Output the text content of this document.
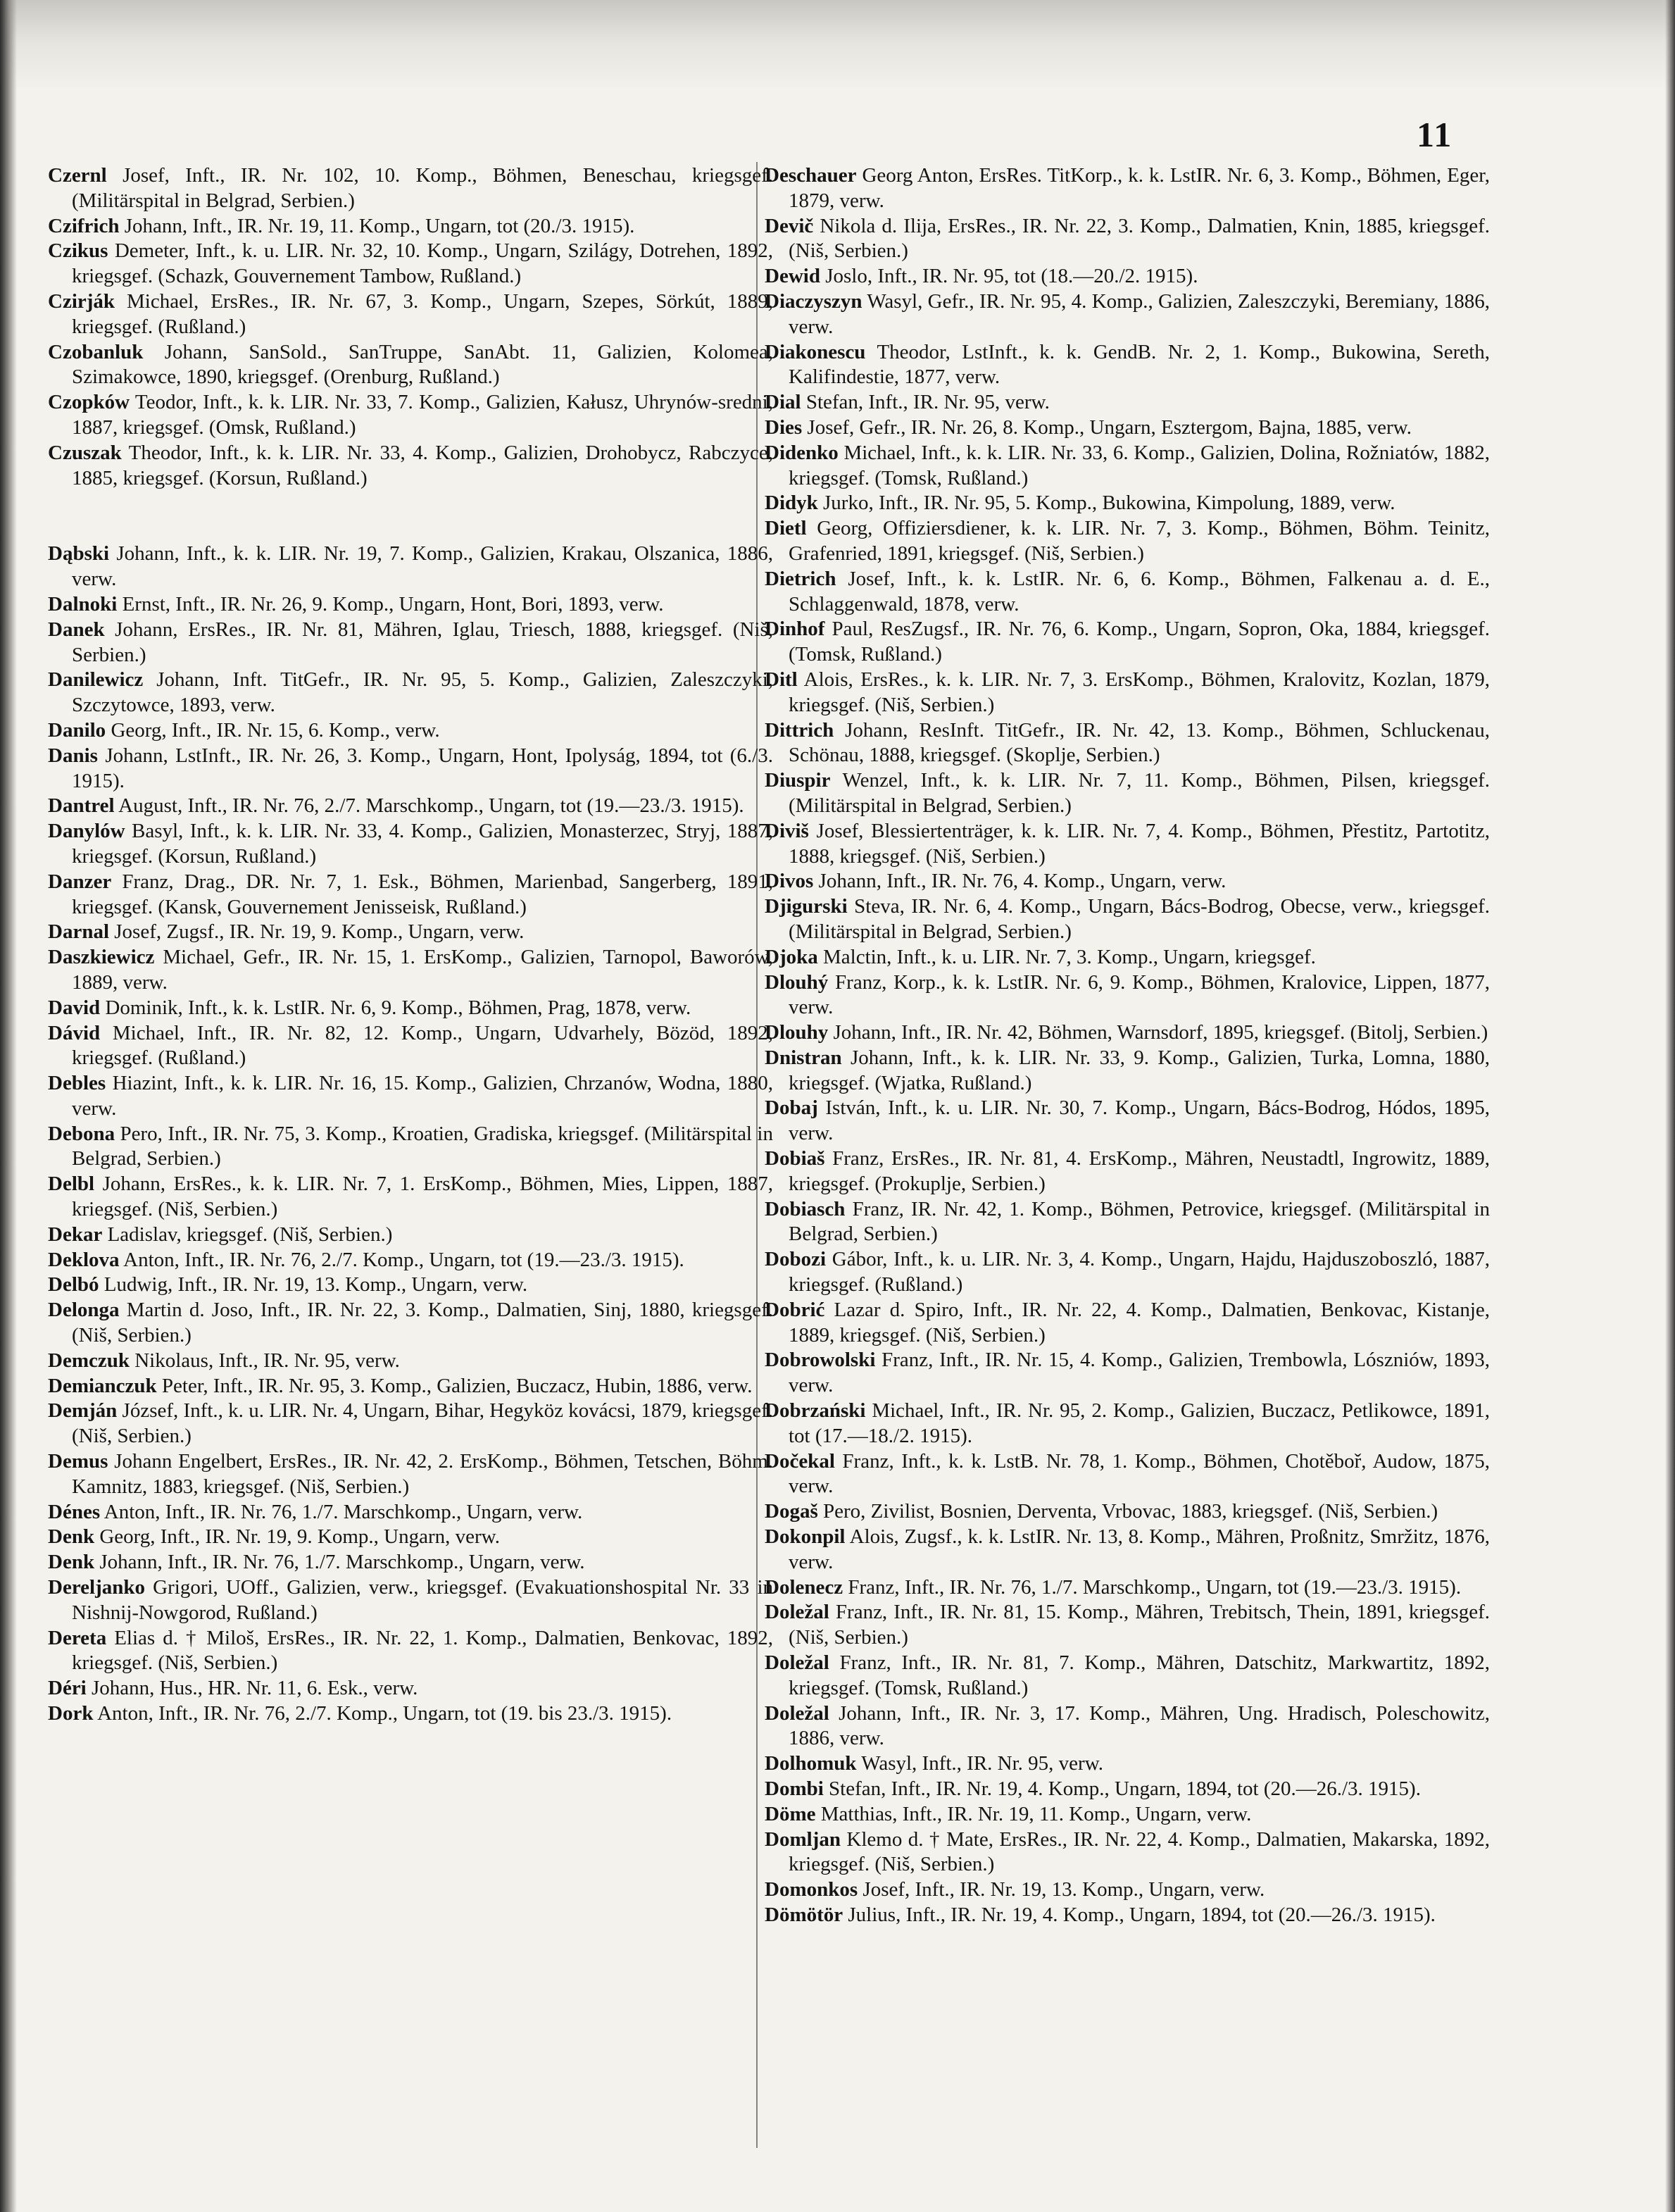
11
Czernl Josef, Inft., IR. Nr. 102, 10. Komp., Böhmen, Beneschau, kriegsgef. (Militärspital in Belgrad, Serbien.)
Czifrich Johann, Inft., IR. Nr. 19, 11. Komp., Ungarn, tot (20./3. 1915).
Czikus Demeter, Inft., k. u. LIR. Nr. 32, 10. Komp., Ungarn, Szilágy, Dotrehen, 1892, kriegsgef. (Schazk, Gouvernement Tambow, Rußland.)
Czirják Michael, ErsRes., IR. Nr. 67, 3. Komp., Ungarn, Szepes, Sörkút, 1889, kriegsgef. (Rußland.)
Czobanluk Johann, SanSold., SanTruppe, SanAbt. 11, Galizien, Kolomea, Szimakowce, 1890, kriegsgef. (Orenburg, Rußland.)
Czopków Teodor, Inft., k. k. LIR. Nr. 33, 7. Komp., Galizien, Kałusz, Uhrynów-sredni, 1887, kriegsgef. (Omsk, Rußland.)
Czuszak Theodor, Inft., k. k. LIR. Nr. 33, 4. Komp., Galizien, Drohobycz, Rabczyce, 1885, kriegsgef. (Korsun, Rußland.)
Dąbski Johann, Inft., k. k. LIR. Nr. 19, 7. Komp., Galizien, Krakau, Olszanica, 1886, verw.
Dalnoki Ernst, Inft., IR. Nr. 26, 9. Komp., Ungarn, Hont, Bori, 1893, verw.
Danek Johann, ErsRes., IR. Nr. 81, Mähren, Iglau, Triesch, 1888, kriegsgef. (Niš, Serbien.)
Danilewicz Johann, Inft. TitGefr., IR. Nr. 95, 5. Komp., Galizien, Zaleszczyki, Szczytowce, 1893, verw.
Danilo Georg, Inft., IR. Nr. 15, 6. Komp., verw.
Danis Johann, LstInft., IR. Nr. 26, 3. Komp., Ungarn, Hont, Ipolyság, 1894, tot (6./3. 1915).
Dantrel August, Inft., IR. Nr. 76, 2./7. Marschkomp., Ungarn, tot (19.—23./3. 1915).
Danylów Basyl, Inft., k. k. LIR. Nr. 33, 4. Komp., Galizien, Monasterzec, Stryj, 1887, kriegsgef. (Korsun, Rußland.)
Danzer Franz, Drag., DR. Nr. 7, 1. Esk., Böhmen, Marienbad, Sangerberg, 1891, kriegsgef. (Kansk, Gouvernement Jenisseisk, Rußland.)
Darnal Josef, Zugsf., IR. Nr. 19, 9. Komp., Ungarn, verw.
Daszkiewicz Michael, Gefr., IR. Nr. 15, 1. ErsKomp., Galizien, Tarnopol, Baworów, 1889, verw.
David Dominik, Inft., k. k. LstIR. Nr. 6, 9. Komp., Böhmen, Prag, 1878, verw.
Dávid Michael, Inft., IR. Nr. 82, 12. Komp., Ungarn, Udvarhely, Bözöd, 1892, kriegsgef. (Rußland.)
Debles Hiazint, Inft., k. k. LIR. Nr. 16, 15. Komp., Galizien, Chrzanów, Wodna, 1880, verw.
Debona Pero, Inft., IR. Nr. 75, 3. Komp., Kroatien, Gradiska, kriegsgef. (Militärspital in Belgrad, Serbien.)
Delbl Johann, ErsRes., k. k. LIR. Nr. 7, 1. ErsKomp., Böhmen, Mies, Lippen, 1887, kriegsgef. (Niš, Serbien.)
Dekar Ladislav, kriegsgef. (Niš, Serbien.)
Deklova Anton, Inft., IR. Nr. 76, 2./7. Komp., Ungarn, tot (19.—23./3. 1915).
Delbó Ludwig, Inft., IR. Nr. 19, 13. Komp., Ungarn, verw.
Delonga Martin d. Joso, Inft., IR. Nr. 22, 3. Komp., Dalmatien, Sinj, 1880, kriegsgef. (Niš, Serbien.)
Demczuk Nikolaus, Inft., IR. Nr. 95, verw.
Demianczuk Peter, Inft., IR. Nr. 95, 3. Komp., Galizien, Buczacz, Hubin, 1886, verw.
Demján József, Inft., k. u. LIR. Nr. 4, Ungarn, Bihar, Hegyköz kovácsi, 1879, kriegsgef. (Niš, Serbien.)
Demus Johann Engelbert, ErsRes., IR. Nr. 42, 2. ErsKomp., Böhmen, Tetschen, Böhm. Kamnitz, 1883, kriegsgef. (Niš, Serbien.)
Dénes Anton, Inft., IR. Nr. 76, 1./7. Marschkomp., Ungarn, verw.
Denk Georg, Inft., IR. Nr. 19, 9. Komp., Ungarn, verw.
Denk Johann, Inft., IR. Nr. 76, 1./7. Marschkomp., Ungarn, verw.
Dereljanko Grigori, UOff., Galizien, verw., kriegsgef. (Evakuationshospital Nr. 33 in Nishnij-Nowgorod, Rußland.)
Dereta Elias d. † Miloš, ErsRes., IR. Nr. 22, 1. Komp., Dalmatien, Benkovac, 1892, kriegsgef. (Niš, Serbien.)
Déri Johann, Hus., HR. Nr. 11, 6. Esk., verw.
Dork Anton, Inft., IR. Nr. 76, 2./7. Komp., Ungarn, tot (19. bis 23./3. 1915).
Deschauer Georg Anton, ErsRes. TitKorp., k. k. LstIR. Nr. 6, 3. Komp., Böhmen, Eger, 1879, verw.
Devič Nikola d. Ilija, ErsRes., IR. Nr. 22, 3. Komp., Dalmatien, Knin, 1885, kriegsgef. (Niš, Serbien.)
Dewid Joslo, Inft., IR. Nr. 95, tot (18.—20./2. 1915).
Diaczyszyn Wasyl, Gefr., IR. Nr. 95, 4. Komp., Galizien, Zaleszczyki, Beremiany, 1886, verw.
Diakonescu Theodor, LstInft., k. k. GendB. Nr. 2, 1. Komp., Bukowina, Sereth, Kalifindestie, 1877, verw.
Dial Stefan, Inft., IR. Nr. 95, verw.
Dies Josef, Gefr., IR. Nr. 26, 8. Komp., Ungarn, Esztergom, Bajna, 1885, verw.
Didenko Michael, Inft., k. k. LIR. Nr. 33, 6. Komp., Galizien, Dolina, Rožniatów, 1882, kriegsgef. (Tomsk, Rußland.)
Didyk Jurko, Inft., IR. Nr. 95, 5. Komp., Bukowina, Kimpolung, 1889, verw.
Dietl Georg, Offiziersdiener, k. k. LIR. Nr. 7, 3. Komp., Böhmen, Böhm. Teinitz, Grafenried, 1891, kriegsgef. (Niš, Serbien.)
Dietrich Josef, Inft., k. k. LstIR. Nr. 6, 6. Komp., Böhmen, Falkenau a. d. E., Schlaggenwald, 1878, verw.
Dinhof Paul, ResZugsf., IR. Nr. 76, 6. Komp., Ungarn, Sopron, Oka, 1884, kriegsgef. (Tomsk, Rußland.)
Ditl Alois, ErsRes., k. k. LIR. Nr. 7, 3. ErsKomp., Böhmen, Kralovitz, Kozlan, 1879, kriegsgef. (Niš, Serbien.)
Dittrich Johann, ResInft. TitGefr., IR. Nr. 42, 13. Komp., Böhmen, Schluckenau, Schönau, 1888, kriegsgef. (Skoplje, Serbien.)
Diuspir Wenzel, Inft., k. k. LIR. Nr. 7, 11. Komp., Böhmen, Pilsen, kriegsgef. (Militärspital in Belgrad, Serbien.)
Diviš Josef, Blessiertenträger, k. k. LIR. Nr. 7, 4. Komp., Böhmen, Přestitz, Partotitz, 1888, kriegsgef. (Niš, Serbien.)
Divos Johann, Inft., IR. Nr. 76, 4. Komp., Ungarn, verw.
Djigurski Steva, IR. Nr. 6, 4. Komp., Ungarn, Bács-Bodrog, Obecse, verw., kriegsgef. (Militärspital in Belgrad, Serbien.)
Djoka Malctin, Inft., k. u. LIR. Nr. 7, 3. Komp., Ungarn, kriegsgef.
Dlouhý Franz, Korp., k. k. LstIR. Nr. 6, 9. Komp., Böhmen, Kralovice, Lippen, 1877, verw.
Dlouhy Johann, Inft., IR. Nr. 42, Böhmen, Warnsdorf, 1895, kriegsgef. (Bitolj, Serbien.)
Dnistran Johann, Inft., k. k. LIR. Nr. 33, 9. Komp., Galizien, Turka, Lomna, 1880, kriegsgef. (Wjatka, Rußland.)
Dobaj István, Inft., k. u. LIR. Nr. 30, 7. Komp., Ungarn, Bács-Bodrog, Hódos, 1895, verw.
Dobiaš Franz, ErsRes., IR. Nr. 81, 4. ErsKomp., Mähren, Neustadtl, Ingrowitz, 1889, kriegsgef. (Prokuplje, Serbien.)
Dobiasch Franz, IR. Nr. 42, 1. Komp., Böhmen, Petrovice, kriegsgef. (Militärspital in Belgrad, Serbien.)
Dobozi Gábor, Inft., k. u. LIR. Nr. 3, 4. Komp., Ungarn, Hajdu, Hajduszoboszló, 1887, kriegsgef. (Rußland.)
Dobrić Lazar d. Spiro, Inft., IR. Nr. 22, 4. Komp., Dalmatien, Benkovac, Kistanje, 1889, kriegsgef. (Niš, Serbien.)
Dobrowolski Franz, Inft., IR. Nr. 15, 4. Komp., Galizien, Trembowla, Lószniów, 1893, verw.
Dobrzański Michael, Inft., IR. Nr. 95, 2. Komp., Galizien, Buczacz, Petlikowce, 1891, tot (17.—18./2. 1915).
Dočekal Franz, Inft., k. k. LstB. Nr. 78, 1. Komp., Böhmen, Chotěboř, Audow, 1875, verw.
Dogaš Pero, Zivilist, Bosnien, Derventa, Vrbovac, 1883, kriegsgef. (Niš, Serbien.)
Dokonpil Alois, Zugsf., k. k. LstIR. Nr. 13, 8. Komp., Mähren, Proßnitz, Smržitz, 1876, verw.
Dolenecz Franz, Inft., IR. Nr. 76, 1./7. Marschkomp., Ungarn, tot (19.—23./3. 1915).
Doležal Franz, Inft., IR. Nr. 81, 15. Komp., Mähren, Trebitsch, Thein, 1891, kriegsgef. (Niš, Serbien.)
Doležal Franz, Inft., IR. Nr. 81, 7. Komp., Mähren, Datschitz, Markwartitz, 1892, kriegsgef. (Tomsk, Rußland.)
Doležal Johann, Inft., IR. Nr. 3, 17. Komp., Mähren, Ung. Hradisch, Poleschowitz, 1886, verw.
Dolhomuk Wasyl, Inft., IR. Nr. 95, verw.
Dombi Stefan, Inft., IR. Nr. 19, 4. Komp., Ungarn, 1894, tot (20.—26./3. 1915).
Döme Matthias, Inft., IR. Nr. 19, 11. Komp., Ungarn, verw.
Domljan Klemo d. † Mate, ErsRes., IR. Nr. 22, 4. Komp., Dalmatien, Makarska, 1892, kriegsgef. (Niš, Serbien.)
Domonkos Josef, Inft., IR. Nr. 19, 13. Komp., Ungarn, verw.
Dömötör Julius, Inft., IR. Nr. 19, 4. Komp., Ungarn, 1894, tot (20.—26./3. 1915).
